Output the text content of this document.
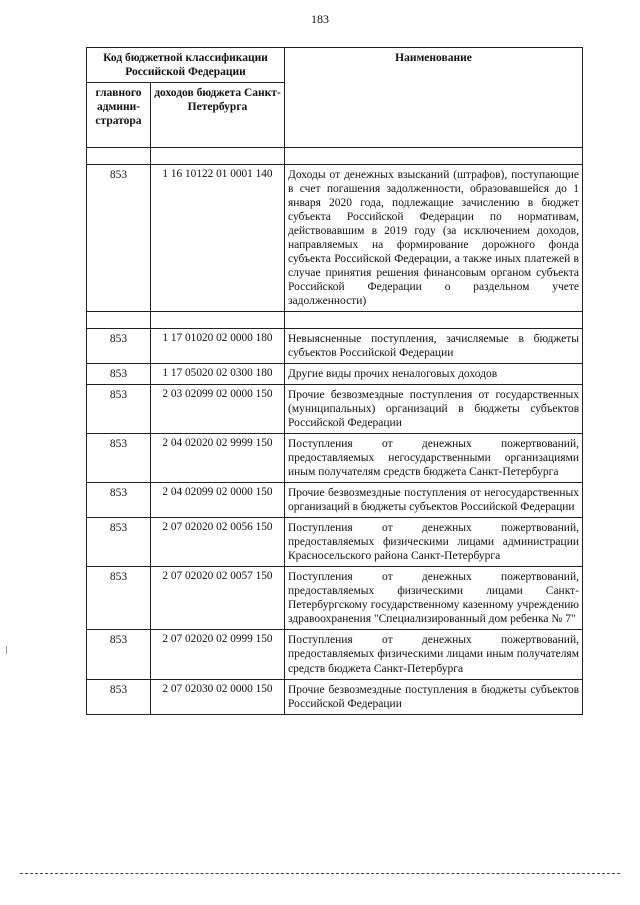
183
Код бюджетной классификации Российской Федерации		Наименование
главного админи-стратора	доходов бюджета Санкт-Петербурга	

853	1 16 10122 01 0001 140	Доходы от денежных взысканий (штрафов), поступающие в счет погашения задолженности, образовавшейся до 1 января 2020 года, подлежащие зачислению в бюджет субъекта Российской Федерации по нормативам, действовавшим в 2019 году (за исключением доходов, направляемых на формирование дорожного фонда субъекта Российской Федерации, а также иных платежей в случае принятия решения финансовым органом субъекта Российской Федерации о раздельном учете задолженности)

853	1 17 01020 02 0000 180	Невыясненные поступления, зачисляемые в бюджеты субъектов Российской Федерации
853	1 17 05020 02 0300 180	Другие виды прочих неналоговых доходов
853	2 03 02099 02 0000 150	Прочие безвозмездные поступления от государственных (муниципальных) организаций в бюджеты субъектов Российской Федерации
853	2 04 02020 02 9999 150	Поступления от денежных пожертвований, предоставляемых негосударственными организациями иным получателям средств бюджета Санкт-Петербурга
853	2 04 02099 02 0000 150	Прочие безвозмездные поступления от негосударственных организаций в бюджеты субъектов Российской Федерации
853	2 07 02020 02 0056 150	Поступления от денежных пожертвований, предоставляемых физическими лицами администрации Красносельского района Санкт-Петербурга
853	2 07 02020 02 0057 150	Поступления от денежных пожертвований, предоставляемых физическими лицами Санкт-Петербургскому государственному казенному учреждению здравоохранения "Специализированный дом ребенка № 7"
853	2 07 02020 02 0999 150	Поступления от денежных пожертвований, предоставляемых физическими лицами иным получателям средств бюджета Санкт-Петербурга
853	2 07 02030 02 0000 150	Прочие безвозмездные поступления в бюджеты субъектов Российской Федерации
